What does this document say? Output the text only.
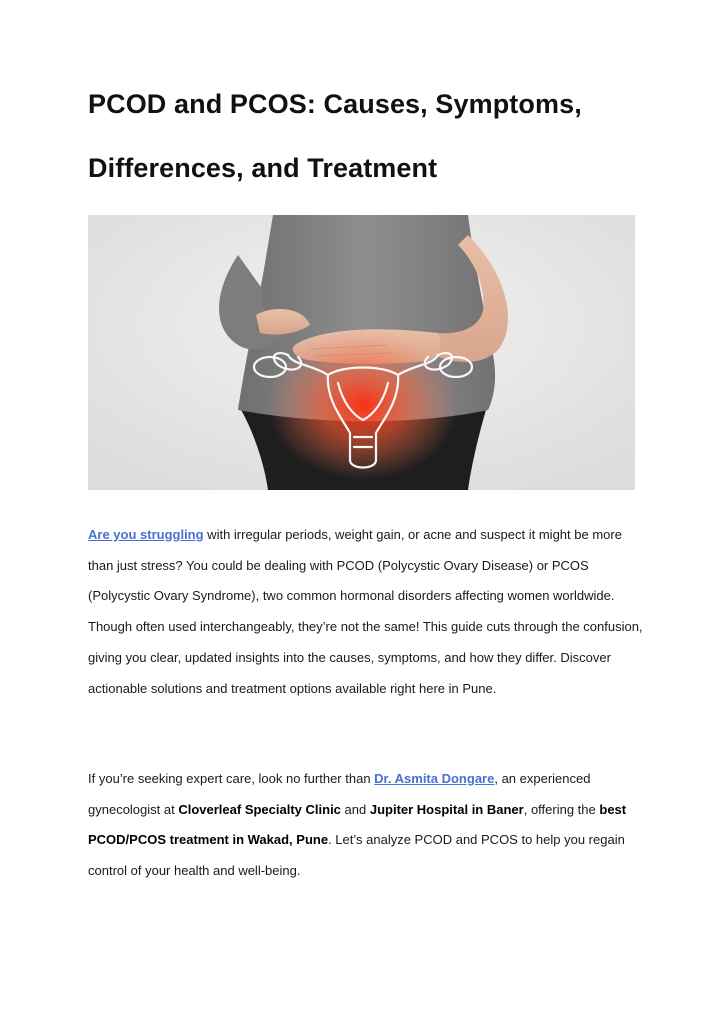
PCOD and PCOS: Causes, Symptoms,
Differences, and Treatment

Are you struggling with irregular periods, weight gain, or acne and suspect it might be more than just stress? You could be dealing with PCOD (Polycystic Ovary Disease) or PCOS (Polycystic Ovary Syndrome), two common hormonal disorders affecting women worldwide. Though often used interchangeably, they’re not the same! This guide cuts through the confusion, giving you clear, updated insights into the causes, symptoms, and how they differ. Discover actionable solutions and treatment options available right here in Pune.

If you’re seeking expert care, look no further than Dr. Asmita Dongare, an experienced gynecologist at Cloverleaf Specialty Clinic and Jupiter Hospital in Baner, offering the best PCOD/PCOS treatment in Wakad, Pune. Let’s analyze PCOD and PCOS to help you regain control of your health and well-being.
